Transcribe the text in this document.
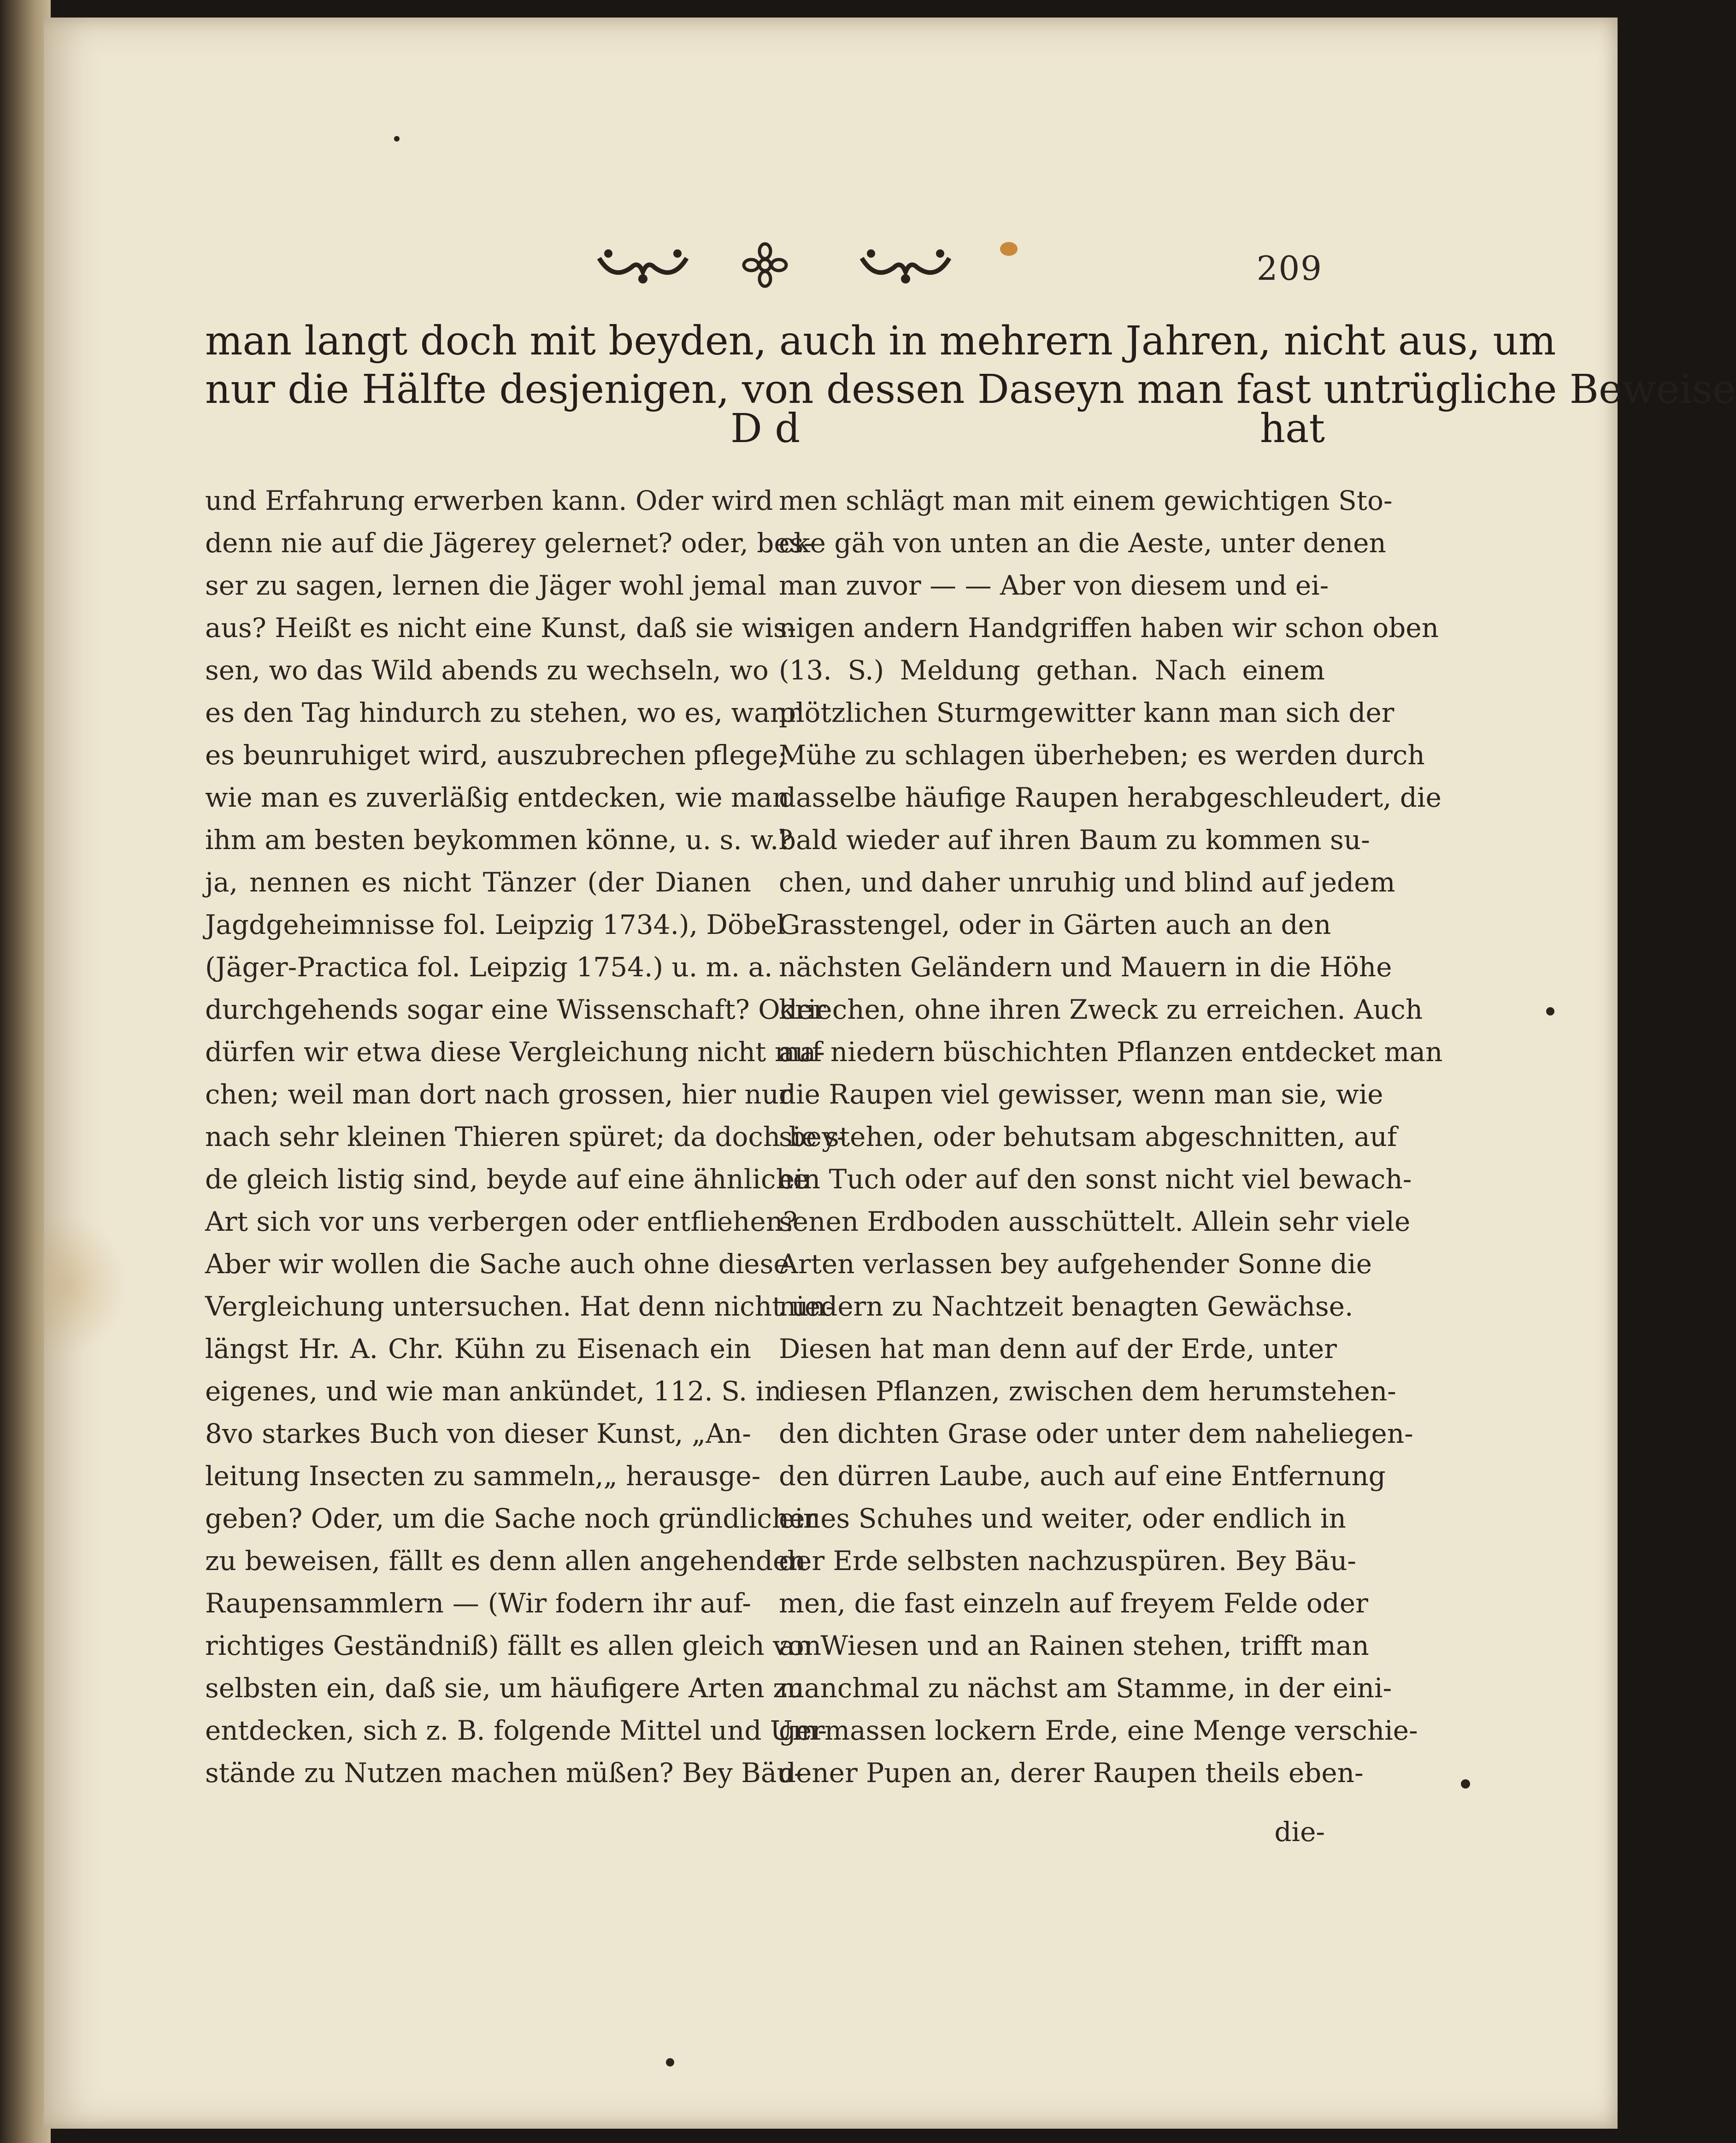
209
man langt doch mit beyden, auch in mehrern Jahren, nicht aus, um
nur die Hälfte desjenigen, von dessen Daseyn man fast untrügliche Beweise
D d	hat
und Erfahrung erwerben kann. Oder wird
denn nie auf die Jägerey gelernet? oder, bes-
ser zu sagen, lernen die Jäger wohl jemal
aus? Heißt es nicht eine Kunst, daß sie wis-
sen, wo das Wild abends zu wechseln, wo
es den Tag hindurch zu stehen, wo es, wann
es beunruhiget wird, auszubrechen pflege;
wie man es zuverläßig entdecken, wie man
ihm am besten beykommen könne, u. s. w.?
ja, nennen es nicht Tänzer (der Dianen
Jagdgeheimnisse fol. Leipzig 1734.), Döbel
(Jäger-Practica fol. Leipzig 1754.) u. m. a.
durchgehends sogar eine Wissenschaft? Oder
dürfen wir etwa diese Vergleichung nicht ma-
chen; weil man dort nach grossen, hier nur
nach sehr kleinen Thieren spüret; da doch bey-
de gleich listig sind, beyde auf eine ähnliche
Art sich vor uns verbergen oder entfliehen?
Aber wir wollen die Sache auch ohne diese
Vergleichung untersuchen. Hat denn nicht un-
längst Hr. A. Chr. Kühn zu Eisenach ein
eigenes, und wie man ankündet, 112. S. in
8vo starkes Buch von dieser Kunst, „An-
leitung Insecten zu sammeln,„ herausge-
geben? Oder, um die Sache noch gründlicher
zu beweisen, fällt es denn allen angehenden
Raupensammlern — (Wir fodern ihr auf-
richtiges Geständniß) fällt es allen gleich von
selbsten ein, daß sie, um häufigere Arten zu
entdecken, sich z. B. folgende Mittel und Um-
stände zu Nutzen machen müßen? Bey Bäu-
men schlägt man mit einem gewichtigen Sto-
cke gäh von unten an die Aeste, unter denen
man zuvor — — Aber von diesem und ei-
nigen andern Handgriffen haben wir schon oben
(13. S.) Meldung gethan. Nach einem
plötzlichen Sturmgewitter kann man sich der
Mühe zu schlagen überheben; es werden durch
dasselbe häufige Raupen herabgeschleudert, die
bald wieder auf ihren Baum zu kommen su-
chen, und daher unruhig und blind auf jedem
Grasstengel, oder in Gärten auch an den
nächsten Geländern und Mauern in die Höhe
kriechen, ohne ihren Zweck zu erreichen. Auch
auf niedern büschichten Pflanzen entdecket man
die Raupen viel gewisser, wenn man sie, wie
sie stehen, oder behutsam abgeschnitten, auf
ein Tuch oder auf den sonst nicht viel bewach-
senen Erdboden ausschüttelt. Allein sehr viele
Arten verlassen bey aufgehender Sonne die
niedern zu Nachtzeit benagten Gewächse.
Diesen hat man denn auf der Erde, unter
diesen Pflanzen, zwischen dem herumstehen-
den dichten Grase oder unter dem naheliegen-
den dürren Laube, auch auf eine Entfernung
eines Schuhes und weiter, oder endlich in
der Erde selbsten nachzuspüren. Bey Bäu-
men, die fast einzeln auf freyem Felde oder
an Wiesen und an Rainen stehen, trifft man
manchmal zu nächst am Stamme, in der eini-
germassen lockern Erde, eine Menge verschie-
dener Pupen an, derer Raupen theils eben-
die-
